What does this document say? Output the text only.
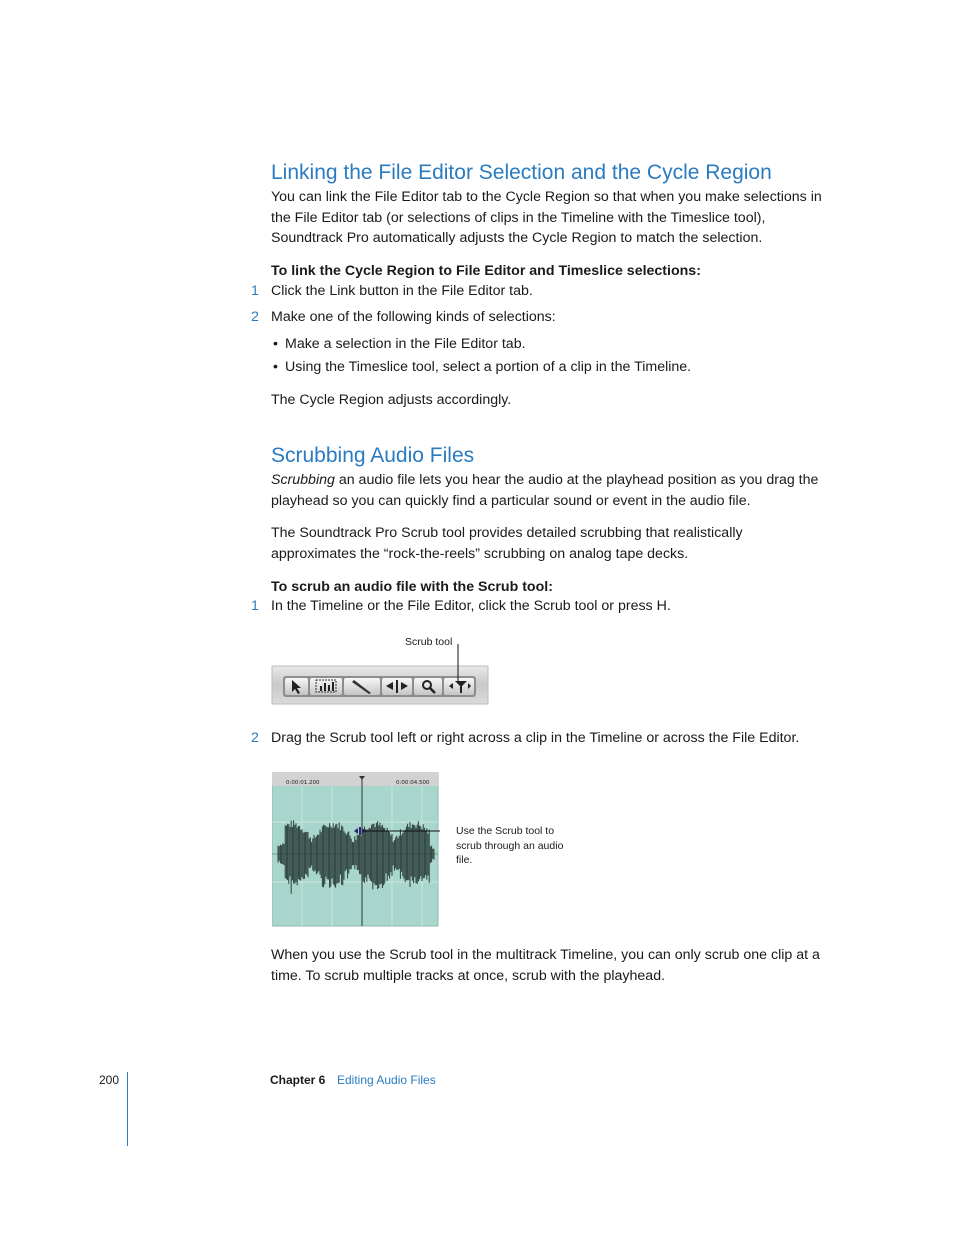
Linking the File Editor Selection and the Cycle Region
You can link the File Editor tab to the Cycle Region so that when you make selections in the File Editor tab (or selections of clips in the Timeline with the Timeslice tool), Soundtrack Pro automatically adjusts the Cycle Region to match the selection.
To link the Cycle Region to File Editor and Timeslice selections:
1 Click the Link button in the File Editor tab.
2 Make one of the following kinds of selections:
• Make a selection in the File Editor tab.
• Using the Timeslice tool, select a portion of a clip in the Timeline.
The Cycle Region adjusts accordingly.
Scrubbing Audio Files
Scrubbing an audio file lets you hear the audio at the playhead position as you drag the playhead so you can quickly find a particular sound or event in the audio file.
The Soundtrack Pro Scrub tool provides detailed scrubbing that realistically approximates the “rock-the-reels” scrubbing on analog tape decks.
To scrub an audio file with the Scrub tool:
1 In the Timeline or the File Editor, click the Scrub tool or press H.
Scrub tool
2 Drag the Scrub tool left or right across a clip in the Timeline or across the File Editor.
0:00:01.200	0:00:04.500
Use the Scrub tool to
scrub through an audio
file.
When you use the Scrub tool in the multitrack Timeline, you can only scrub one clip at a time. To scrub multiple tracks at once, scrub with the playhead.
200	Chapter 6 Editing Audio Files
